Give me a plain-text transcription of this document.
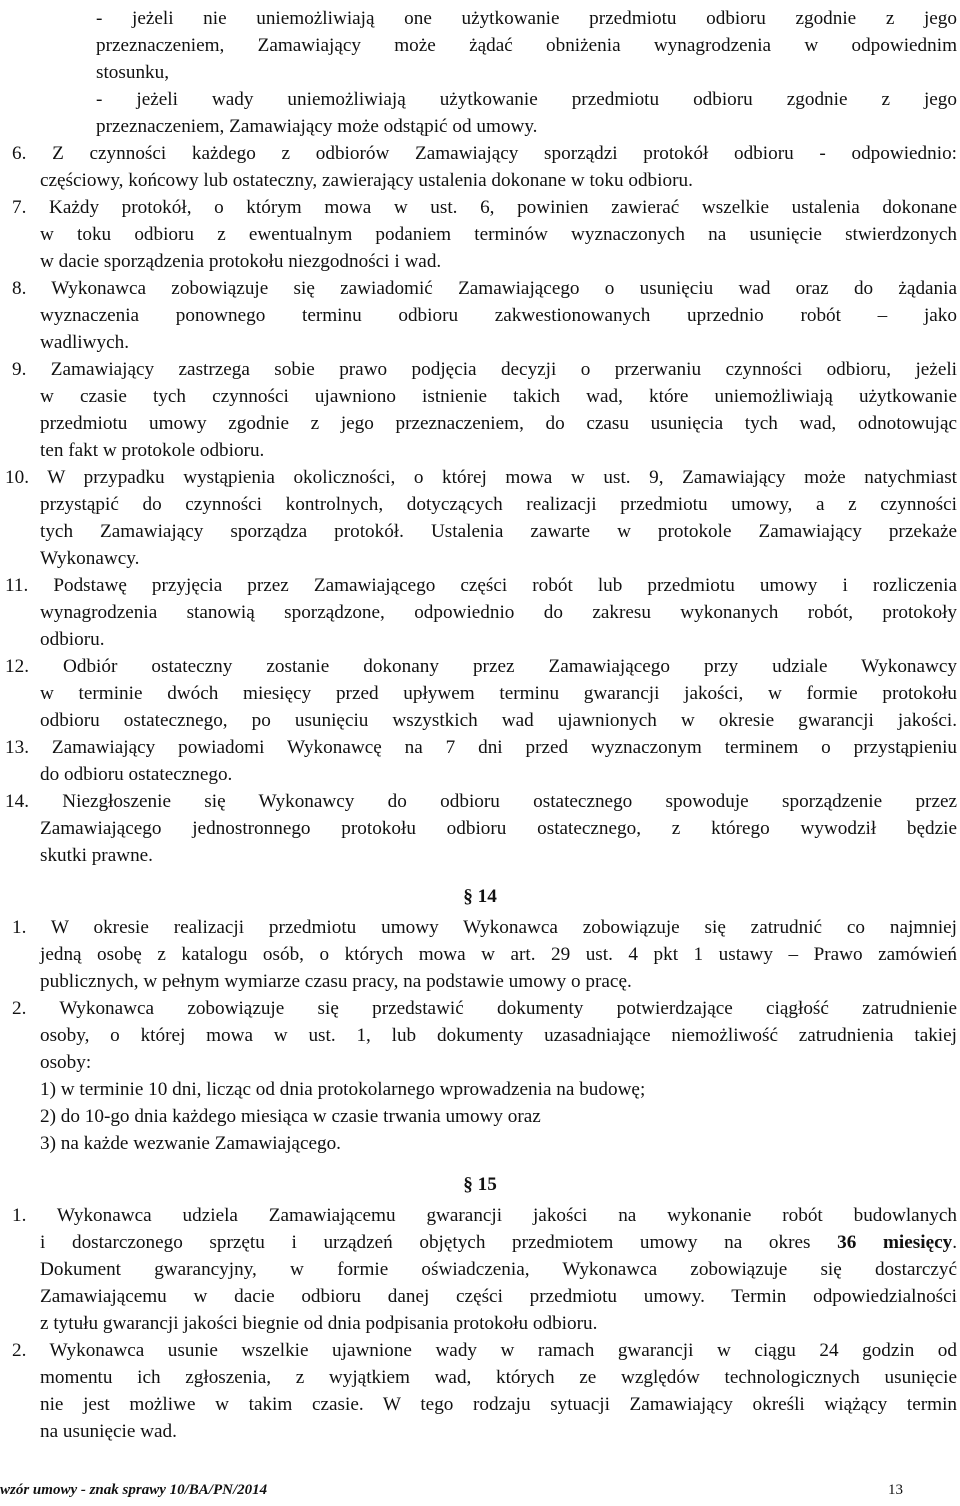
wzór umowy - znak sprawy 10/BA/PN/2014	13
- jeżeli nie uniemożliwiają one użytkowanie przedmiotu odbioru zgodnie z jego
przeznaczeniem, Zamawiający może żądać obniżenia wynagrodzenia w odpowiednim
stosunku,
- jeżeli wady uniemożliwiają użytkowanie przedmiotu odbioru zgodnie z jego
przeznaczeniem, Zamawiający może odstąpić od umowy.
6. Z czynności każdego z odbiorów Zamawiający sporządzi protokół odbioru - odpowiednio:
częściowy, końcowy lub ostateczny, zawierający ustalenia dokonane w toku odbioru.
7. Każdy protokół, o którym mowa w ust. 6, powinien zawierać wszelkie ustalenia dokonane
w toku odbioru z ewentualnym podaniem terminów wyznaczonych na usunięcie stwierdzonych
w dacie sporządzenia protokołu niezgodności i wad.
8. Wykonawca zobowiązuje się zawiadomić Zamawiającego o usunięciu wad oraz do żądania
wyznaczenia ponownego terminu odbioru zakwestionowanych uprzednio robót – jako
wadliwych.
9. Zamawiający zastrzega sobie prawo podjęcia decyzji o przerwaniu czynności odbioru, jeżeli
w czasie tych czynności ujawniono istnienie takich wad, które uniemożliwiają użytkowanie
przedmiotu umowy zgodnie z jego przeznaczeniem, do czasu usunięcia tych wad, odnotowując
ten fakt w protokole odbioru.
10. W przypadku wystąpienia okoliczności, o której mowa w ust. 9, Zamawiający może natychmiast
przystąpić do czynności kontrolnych, dotyczących realizacji przedmiotu umowy, a z czynności
tych Zamawiający sporządza protokół. Ustalenia zawarte w protokole Zamawiający przekaże
Wykonawcy.
11. Podstawę przyjęcia przez Zamawiającego części robót lub przedmiotu umowy i rozliczenia
wynagrodzenia stanowią sporządzone, odpowiednio do zakresu wykonanych robót, protokoły
odbioru.
12. Odbiór ostateczny zostanie dokonany przez Zamawiającego przy udziale Wykonawcy
w terminie dwóch miesięcy przed upływem terminu gwarancji jakości, w formie protokołu
odbioru ostatecznego, po usunięciu wszystkich wad ujawnionych w okresie gwarancji jakości.
13. Zamawiający powiadomi Wykonawcę na 7 dni przed wyznaczonym terminem o przystąpieniu
do odbioru ostatecznego.
14. Niezgłoszenie się Wykonawcy do odbioru ostatecznego spowoduje sporządzenie przez
Zamawiającego jednostronnego protokołu odbioru ostatecznego, z którego wywodził będzie
skutki prawne.
§ 14
1. W okresie realizacji przedmiotu umowy Wykonawca zobowiązuje się zatrudnić co najmniej
jedną osobę z katalogu osób, o których mowa w art. 29 ust. 4 pkt 1 ustawy – Prawo zamówień
publicznych, w pełnym wymiarze czasu pracy, na podstawie umowy o pracę.
2. Wykonawca zobowiązuje się przedstawić dokumenty potwierdzające ciągłość zatrudnienie
osoby, o której mowa w ust. 1, lub dokumenty uzasadniające niemożliwość zatrudnienia takiej
osoby:
1) w terminie 10 dni, licząc od dnia protokolarnego wprowadzenia na budowę;
2) do 10-go dnia każdego miesiąca w czasie trwania umowy oraz
3) na każde wezwanie Zamawiającego.
§ 15
1. Wykonawca udziela Zamawiającemu gwarancji jakości na wykonanie robót budowlanych
i dostarczonego sprzętu i urządzeń objętych przedmiotem umowy na okres 36 miesięcy.
Dokument gwarancyjny, w formie oświadczenia, Wykonawca zobowiązuje się dostarczyć
Zamawiającemu w dacie odbioru danej części przedmiotu umowy. Termin odpowiedzialności
z tytułu gwarancji jakości biegnie od dnia podpisania protokołu odbioru.
2. Wykonawca usunie wszelkie ujawnione wady w ramach gwarancji w ciągu 24 godzin od
momentu ich zgłoszenia, z wyjątkiem wad, których ze względów technologicznych usunięcie
nie jest możliwe w takim czasie. W tego rodzaju sytuacji Zamawiający określi wiążący termin
na usunięcie wad.
